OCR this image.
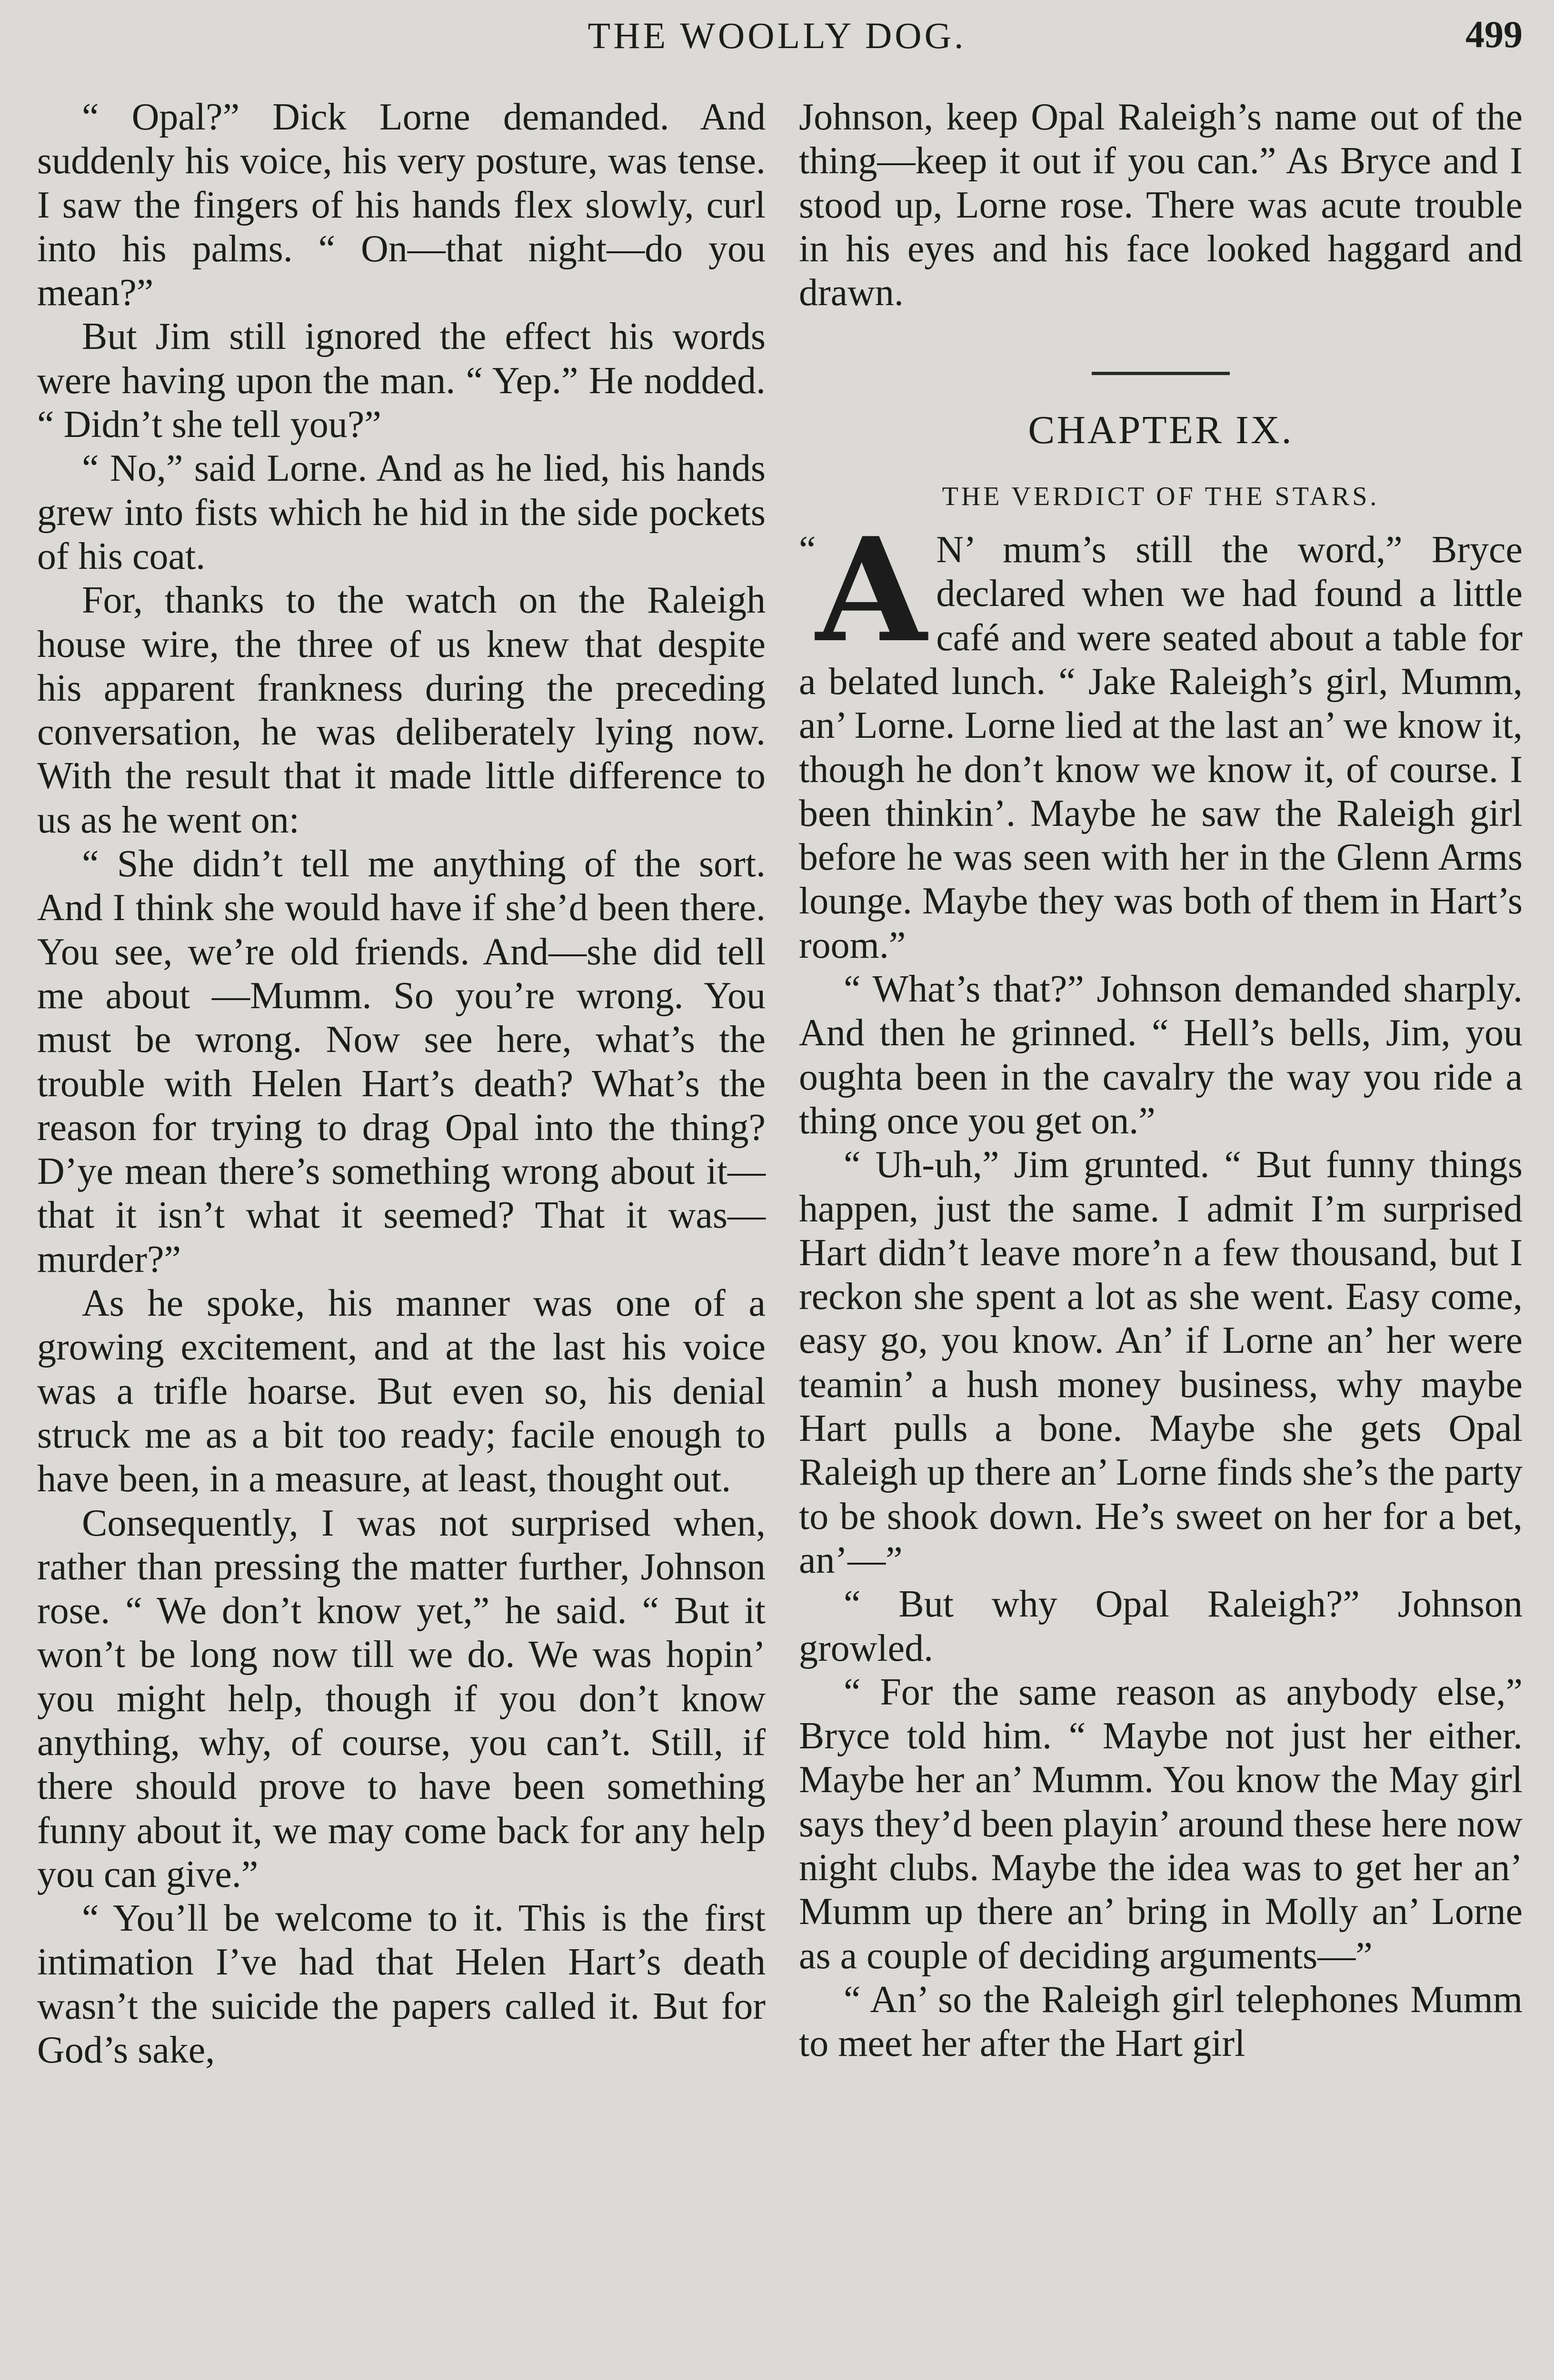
THE WOOLLY DOG.	499

“ Opal?” Dick Lorne demanded. And suddenly his voice, his very posture, was tense. I saw the fingers of his hands flex slowly, curl into his palms. “ On—that night—do you mean?”

But Jim still ignored the effect his words were having upon the man. “ Yep.” He nodded. “ Didn’t she tell you?”

“ No,” said Lorne. And as he lied, his hands grew into fists which he hid in the side pockets of his coat.

For, thanks to the watch on the Raleigh house wire, the three of us knew that despite his apparent frankness during the preceding conversation, he was deliberately lying now. With the result that it made little difference to us as he went on:

“ She didn’t tell me anything of the sort. And I think she would have if she’d been there. You see, we’re old friends. And—she did tell me about —Mumm. So you’re wrong. You must be wrong. Now see here, what’s the trouble with Helen Hart’s death? What’s the reason for trying to drag Opal into the thing? D’ye mean there’s something wrong about it—that it isn’t what it seemed? That it was—murder?”

As he spoke, his manner was one of a growing excitement, and at the last his voice was a trifle hoarse. But even so, his denial struck me as a bit too ready; facile enough to have been, in a measure, at least, thought out.

Consequently, I was not surprised when, rather than pressing the matter further, Johnson rose. “ We don’t know yet,” he said. “ But it won’t be long now till we do. We was hopin’ you might help, though if you don’t know anything, why, of course, you can’t. Still, if there should prove to have been something funny about it, we may come back for any help you can give.”

“ You’ll be welcome to it. This is the first intimation I’ve had that Helen Hart’s death wasn’t the suicide the papers called it. But for God’s sake,

Johnson, keep Opal Raleigh’s name out of the thing—keep it out if you can.” As Bryce and I stood up, Lorne rose. There was acute trouble in his eyes and his face looked haggard and drawn.

CHAPTER IX.
THE VERDICT OF THE STARS.

“ A N’ mum’s still the word,” Bryce declared when we had found a little café and were seated about a table for a belated lunch. “ Jake Raleigh’s girl, Mumm, an’ Lorne. Lorne lied at the last an’ we know it, though he don’t know we know it, of course. I been thinkin’. Maybe he saw the Raleigh girl before he was seen with her in the Glenn Arms lounge. Maybe they was both of them in Hart’s room.”

“ What’s that?” Johnson demanded sharply. And then he grinned. “ Hell’s bells, Jim, you oughta been in the cavalry the way you ride a thing once you get on.”

“ Uh-uh,” Jim grunted. “ But funny things happen, just the same. I admit I’m surprised Hart didn’t leave more’n a few thousand, but I reckon she spent a lot as she went. Easy come, easy go, you know. An’ if Lorne an’ her were teamin’ a hush money business, why maybe Hart pulls a bone. Maybe she gets Opal Raleigh up there an’ Lorne finds she’s the party to be shook down. He’s sweet on her for a bet, an’—”

“ But why Opal Raleigh?” Johnson growled.

“ For the same reason as anybody else,” Bryce told him. “ Maybe not just her either. Maybe her an’ Mumm. You know the May girl says they’d been playin’ around these here now night clubs. Maybe the idea was to get her an’ Mumm up there an’ bring in Molly an’ Lorne as a couple of deciding arguments—”

“ An’ so the Raleigh girl telephones Mumm to meet her after the Hart girl
